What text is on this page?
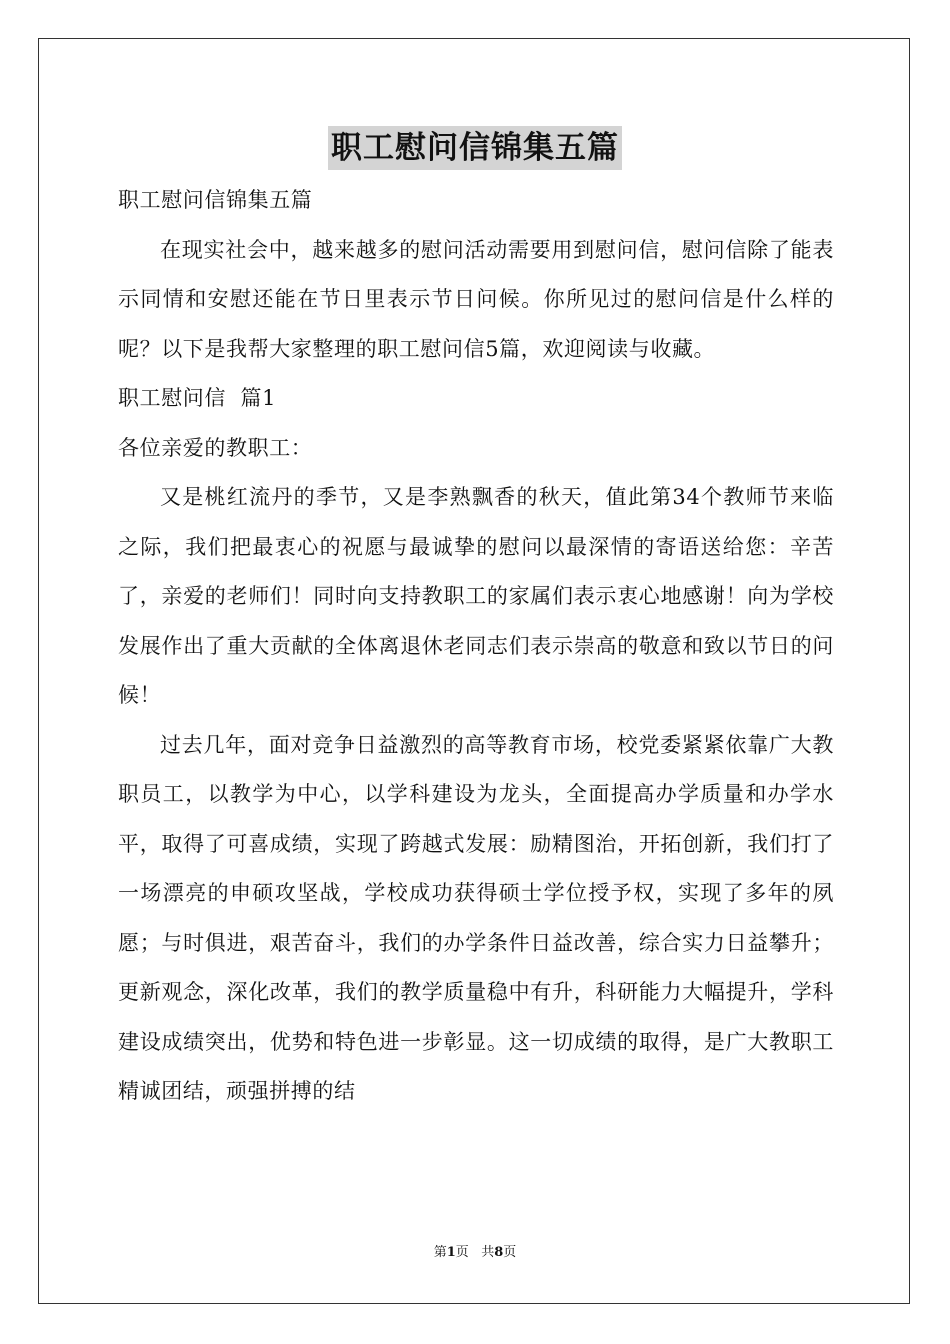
职工慰问信锦集五篇

职工慰问信锦集五篇

在现实社会中，越来越多的慰问活动需要用到慰问信，慰问信除了能表示同情和安慰还能在节日里表示节日问候。你所见过的慰问信是什么样的呢？以下是我帮大家整理的职工慰问信5篇，欢迎阅读与收藏。

职工慰问信  篇1

各位亲爱的教职工：

又是桃红流丹的季节，又是李熟飘香的秋天，值此第34个教师节来临之际，我们把最衷心的祝愿与最诚挚的慰问以最深情的寄语送给您：辛苦了，亲爱的老师们！同时向支持教职工的家属们表示衷心地感谢！向为学校发展作出了重大贡献的全体离退休老同志们表示崇高的敬意和致以节日的问候！

过去几年，面对竞争日益激烈的高等教育市场，校党委紧紧依靠广大教职员工，以教学为中心，以学科建设为龙头，全面提高办学质量和办学水平，取得了可喜成绩，实现了跨越式发展：励精图治，开拓创新，我们打了一场漂亮的申硕攻坚战，学校成功获得硕士学位授予权，实现了多年的夙愿；与时俱进，艰苦奋斗，我们的办学条件日益改善，综合实力日益攀升；更新观念，深化改革，我们的教学质量稳中有升，科研能力大幅提升，学科建设成绩突出，优势和特色进一步彰显。这一切成绩的取得，是广大教职工精诚团结，顽强拼搏的结

第1页 共8页
